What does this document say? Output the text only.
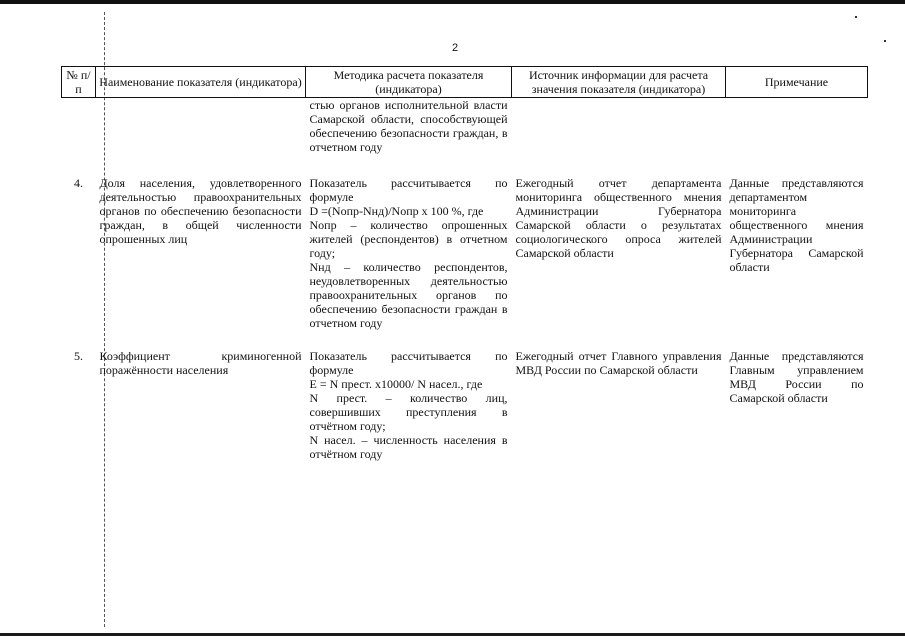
2
№ п/п	Наименование показателя (индикатора)	Методика расчета показателя (индикатора)	Источник информации для расчета значения показателя (индикатора)	Примечание
		стью органов исполнительной власти Самарской области, способствующей обеспечению безопасности граждан, в отчетном году		
4.	Доля населения, удовлетворенного деятельностью правоохранительных органов по обеспечению безопасности граждан, в общей численности опрошенных лиц	Показатель рассчитывается по формуле
D =(Nопр-Nнд)/Nопр х 100 %, где
Nопр – количество опрошенных жителей (респондентов) в отчетном году;
Nнд – количество респондентов, неудовлетворенных деятельностью правоохранительных органов по обеспечению безопасности граждан в отчетном году	Ежегодный отчет департамента мониторинга общественного мнения Администрации Губернатора Самарской области о результатах социологического опроса жителей Самарской области	Данные представляются департаментом мониторинга общественного мнения Администрации Губернатора Самарской области
5.	Коэффициент криминогенной поражённости населения	Показатель рассчитывается по формуле
E = N прест. x10000/ N насел., где
N прест. – количество лиц, совершивших преступления в отчётном году;
N насел. – численность населения в отчётном году	Ежегодный отчет Главного управления МВД России по Самарской области	Данные представляются Главным управлением МВД России по Самарской области
